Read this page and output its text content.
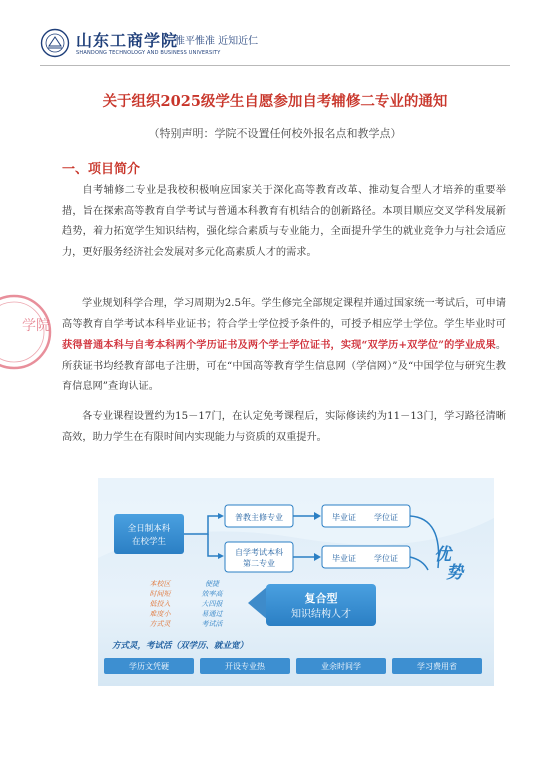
山东工商学院
惟平惟准 近知近仁
SHANDONG TECHNOLOGY AND BUSINESS UNIVERSITY
关于组织2025级学生自愿参加自考辅修二专业的通知
（特别声明：学院不设置任何校外报名点和教学点）
一、项目简介
学院
自考辅修二专业是我校积极响应国家关于深化高等教育改革、推动复合型人才培养的重要举措，旨在探索高等教育自学考试与普通本科教育有机结合的创新路径。本项目顺应交叉学科发展新趋势，着力拓宽学生知识结构，强化综合素质与专业能力，全面提升学生的就业竞争力与社会适应力，更好服务经济社会发展对多元化高素质人才的需求。
学业规划科学合理，学习周期为2.5年。学生修完全部规定课程并通过国家统一考试后，可申请高等教育自学考试本科毕业证书；符合学士学位授予条件的，可授予相应学士学位。学生毕业时可获得普通本科与自考本科两个学历证书及两个学士学位证书，实现“双学历+双学位”的学业成果。所获证书均经教育部电子注册，可在“中国高等教育学生信息网（学信网）”及“中国学位与研究生教育信息网”查询认证。
各专业课程设置约为15－17门，在认定免考课程后，实际修读约为11－13门，学习路径清晰高效，助力学生在有限时间内实现能力与资质的双重提升。
全日制本科
在校学生
普教主修专业
自学考试本科
第二专业
毕业证 学位证
毕业证 学位证 优
势
本校区
时间短
低投入
难度小
方式灵
便捷
效率高
大四报
易通过
考试活
复合型
知识结构人才
方式灵，考试活（双学历、就业宽）
学历文凭硬	开设专业热	业余时间学	学习费用省
